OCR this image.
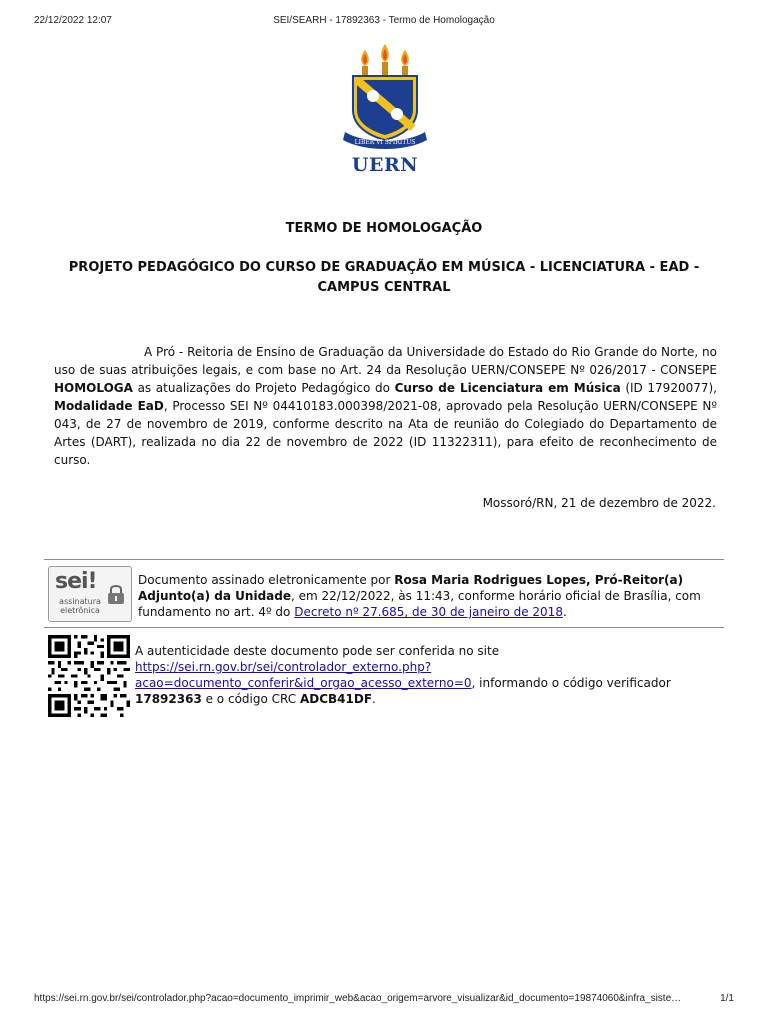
22/12/2022 12:07	SEI/SEARH - 17892363 - Termo de Homologação
LIBER VI SPIRITUS
UERN
TERMO DE HOMOLOGAÇÃO
PROJETO PEDAGÓGICO DO CURSO DE GRADUAÇÃO EM MÚSICA - LICENCIATURA - EAD - CAMPUS CENTRAL
A Pró - Reitoria de Ensino de Graduação da Universidade do Estado do Rio Grande do Norte, no uso de suas atribuições legais, e com base no Art. 24 da Resolução UERN/CONSEPE Nº 026/2017 - CONSEPE HOMOLOGA as atualizações do Projeto Pedagógico do Curso de Licenciatura em Música (ID 17920077), Modalidade EaD, Processo SEI Nº 04410183.000398/2021-08, aprovado pela Resolução UERN/CONSEPE Nº 043, de 27 de novembro de 2019, conforme descrito na Ata de reunião do Colegiado do Departamento de Artes (DART), realizada no dia 22 de novembro de 2022 (ID 11322311), para efeito de reconhecimento de curso.
Mossoró/RN, 21 de dezembro de 2022.
sei!
assinatura eletrônica
Documento assinado eletronicamente por Rosa Maria Rodrigues Lopes, Pró-Reitor(a) Adjunto(a) da Unidade, em 22/12/2022, às 11:43, conforme horário oficial de Brasília, com fundamento no art. 4º do Decreto nº 27.685, de 30 de janeiro de 2018.
A autenticidade deste documento pode ser conferida no site https://sei.rn.gov.br/sei/controlador_externo.php?acao=documento_conferir&id_orgao_acesso_externo=0, informando o código verificador 17892363 e o código CRC ADCB41DF.
https://sei.rn.gov.br/sei/controlador.php?acao=documento_imprimir_web&acao_origem=arvore_visualizar&id_documento=19874060&infra_siste…	1/1
